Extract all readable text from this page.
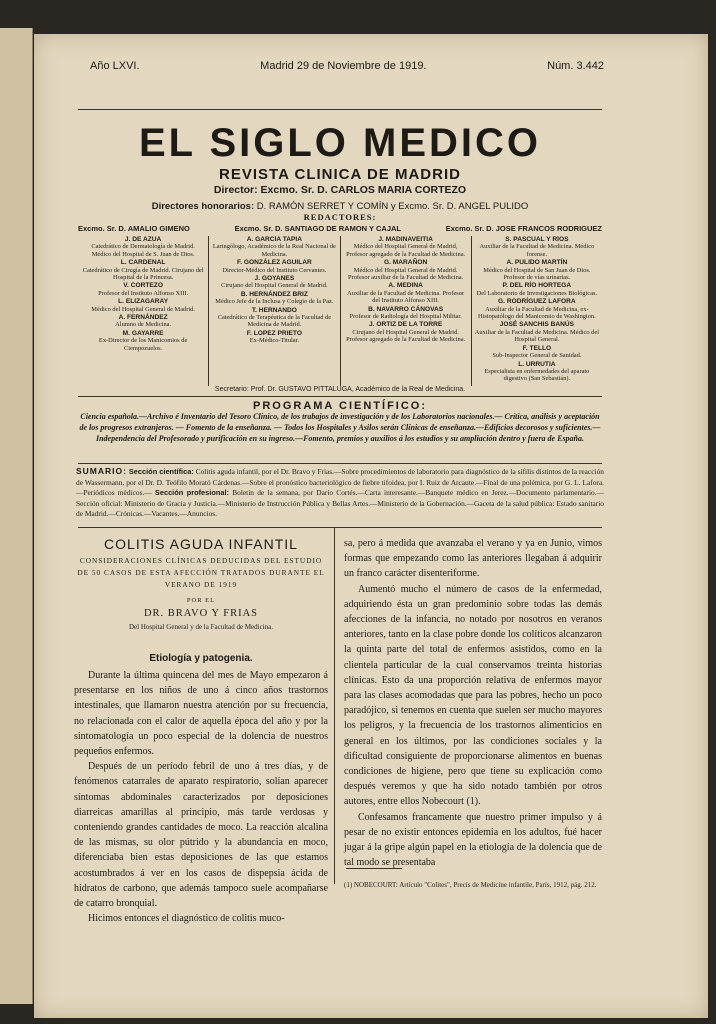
Año LXVI.	Madrid 29 de Noviembre de 1919.	Núm. 3.442
EL SIGLO MEDICO
REVISTA CLINICA DE MADRID
Director: Excmo. Sr. D. CARLOS MARIA CORTEZO
Directores honorarios: D. RAMÓN SERRET Y COMÍN y Excmo. Sr. D. ANGEL PULIDO
REDACTORES:
Excmo. Sr. D. AMALIO GIMENO	Excmo. Sr. D. SANTIAGO DE RAMON Y CAJAL	Excmo. Sr. D. JOSE FRANCOS RODRIGUEZ
J. DE AZÚA
Catedrático de Dermatología de Madrid. Médico del Hospital de S. Juan de Dios.
L. CARDENAL
Catedrático de Cirugía de Madrid. Cirujano del Hospital de la Princesa.
V. CORTEZO
Profesor del Instituto Alfonso XIII.
L. ELIZAGARAY
Médico del Hospital General de Madrid.
A. FERNÁNDEZ
Alumno de Medicina.
M. GAYARRE
Ex-Director de los Manicomios de Ciempozuelos.
A. GARCÍA TAPIA
Laringólogo, Académico de la Real Nacional de Medicina.
F. GONZÁLEZ AGUILAR
Director-Médico del Instituto Cervantes.
J. GOYANES
Cirujano del Hospital General de Madrid.
B. HERNÁNDEZ BRIZ
Médico Jefe de la Inclusa y Colegio de la Paz.
T. HERNANDO
Catedrático de Terapéutica de la Facultad de Medicina de Madrid.
F. LOPEZ PRIETO
Ex-Médico-Titular.
J. MADINAVEITIA
Médico del Hospital General de Madrid, Profesor agregado de la Facultad de Medicina.
G. MARAÑON
Médico del Hospital General de Madrid. Profesor auxiliar de la Facultad de Medicina.
A. MEDINA
Auxiliar de la Facultad de Medicina. Profesor del Instituto Alfonso XIII.
B. NAVARRO CÁNOVAS
Profesor de Radiología del Hospital Militar.
J. ORTIZ DE LA TORRE
Cirujano del Hospital General de Madrid. Profesor agregado de la Facultad de Medicina.
S. PASCUAL Y RÍOS
Auxiliar de la Facultad de Medicina. Médico forense.
A. PULIDO MARTÍN
Médico del Hospital de San Juan de Dios. Profesor de vías urinarias.
P. DEL RÍO HORTEGA
Del Laboratorio de Investigaciones Biológicas.
G. RODRÍGUEZ LAFORA
Auxiliar de la Facultad de Medicina, ex-Histopatólogo del Manicomio de Washington.
JOSÉ SANCHIS BANÚS
Auxiliar de la Facultad de Medicina. Médico del Hospital General.
F. TELLO
Sub-Inspector General de Sanidad.
L. URRUTIA
Especialista en enfermedades del aparato digestivo (San Sebastián).
Secretario: Prof. Dr. GUSTAVO PITTALUGA, Académico de la Real de Medicina.
PROGRAMA CIENTÍFICO:
Ciencia española.—Archivo é Inventario del Tesoro Clínico, de los trabajos de investigación y de los Laboratorios nacionales.— Crítica, análisis y aceptación de los progresos extranjeros. — Fomento de la enseñanza. — Todos los Hospitales y Asilos serán Clínicas de enseñanza.—Edificios decorosos y suficientes.—Independencia del Profesorado y purificación en su ingreso.—Fomento, premios y auxilios á los estudios y su ampliación dentro y fuera de España.
SUMARIO: Sección científica: Colitis aguda infantil, por el Dr. Bravo y Frías.—Sobre procedimientos de laboratorio para diagnóstico de la sífilis distintos de la reacción de Wassermann, por el Dr. D. Teófilo Morató Cárdenas.—Sobre el pronóstico bacteriológico de fiebre tifoidea, por I. Ruiz de Arcaute.—Final de una polémica, por G. L. Lafora.—Periódicos médicos.— Sección profesional: Boletín de la semana, por Darío Cortés.—Carta interesante.—Banquete médico en Jerez.—Documento parlamentario.—Sección oficial: Ministerio de Gracia y Justicia.—Ministerio de Instrucción Pública y Bellas Artes.—Ministerio de la Gobernación.—Gaceta de la salud pública: Estado sanitario de Madrid.—Crónicas.—Vacantes.—Anuncios.
COLITIS AGUDA INFANTIL
CONSIDERACIONES CLÍNICAS DEDUCIDAS DEL ESTUDIO DE 50 CASOS DE ESTA AFECCIÓN TRATADOS DURANTE EL VERANO DE 1919
POR EL
DR. BRAVO Y FRIAS
Del Hospital General y de la Facultad de Medicina.
Etiología y patogenia.

Durante la última quincena del mes de Mayo empezaron á presentarse en los niños de uno á cinco años trastornos intestinales, que llamaron nuestra atención por su frecuencia, no relacionada con el calor de aquella época del año y por la sintomatología un poco especial de la dolencia de nuestros pequeños enfermos.

Después de un período febril de uno á tres días, y de fenómenos catarrales de aparato respiratorio, solían aparecer síntomas abdominales caracterizados por deposiciones diarreicas amarillas al principio, más tarde verdosas y conteniendo grandes cantidades de moco. La reacción alcalina de las mismas, su olor pútrido y la abundancia en moco, diferenciaba bien estas deposiciones de las que estamos acostumbrados á ver en los casos de dispepsia ácida de hidratos de carbono, que además tampoco suele acompañarse de catarro bronquial.

Hicimos entonces el diagnóstico de colitis muco-

sa, pero á medida que avanzaba el verano y ya en Junio, vimos formas que empezando como las anteriores llegaban á adquirir un franco carácter disenteriforme.

Aumentó mucho el número de casos de la enfermedad, adquiriendo ésta un gran predominio sobre todas las demás afecciones de la infancia, no notado por nosotros en veranos anteriores, tanto en la clase pobre donde los colíticos alcanzaron la quinta parte del total de enfermos asistidos, como en la clientela particular de la cual conservamos treinta historias clínicas. Esto da una proporción relativa de enfermos mayor para las clases acomodadas que para las pobres, hecho un poco paradójico, si tenemos en cuenta que suelen ser mucho mayores los peligros, y la frecuencia de los trastornos alimenticios en general en los últimos, por las condiciones sociales y la dificultad consiguiente de proporcionarse alimentos en buenas condiciones de higiene, pero que tiene su explicación como después veremos y que ha sido notado también por otros autores, entre ellos Nobecourt (1).

Confesamos francamente que nuestro primer impulso y á pesar de no existir entonces epidemia en los adultos, fué hacer jugar á la gripe algún papel en la etiología de la dolencia que de tal modo se presentaba

(1) NOBECOURT: Artículo "Colites", Precis de Medicine infantile, París, 1912, pág. 212.
